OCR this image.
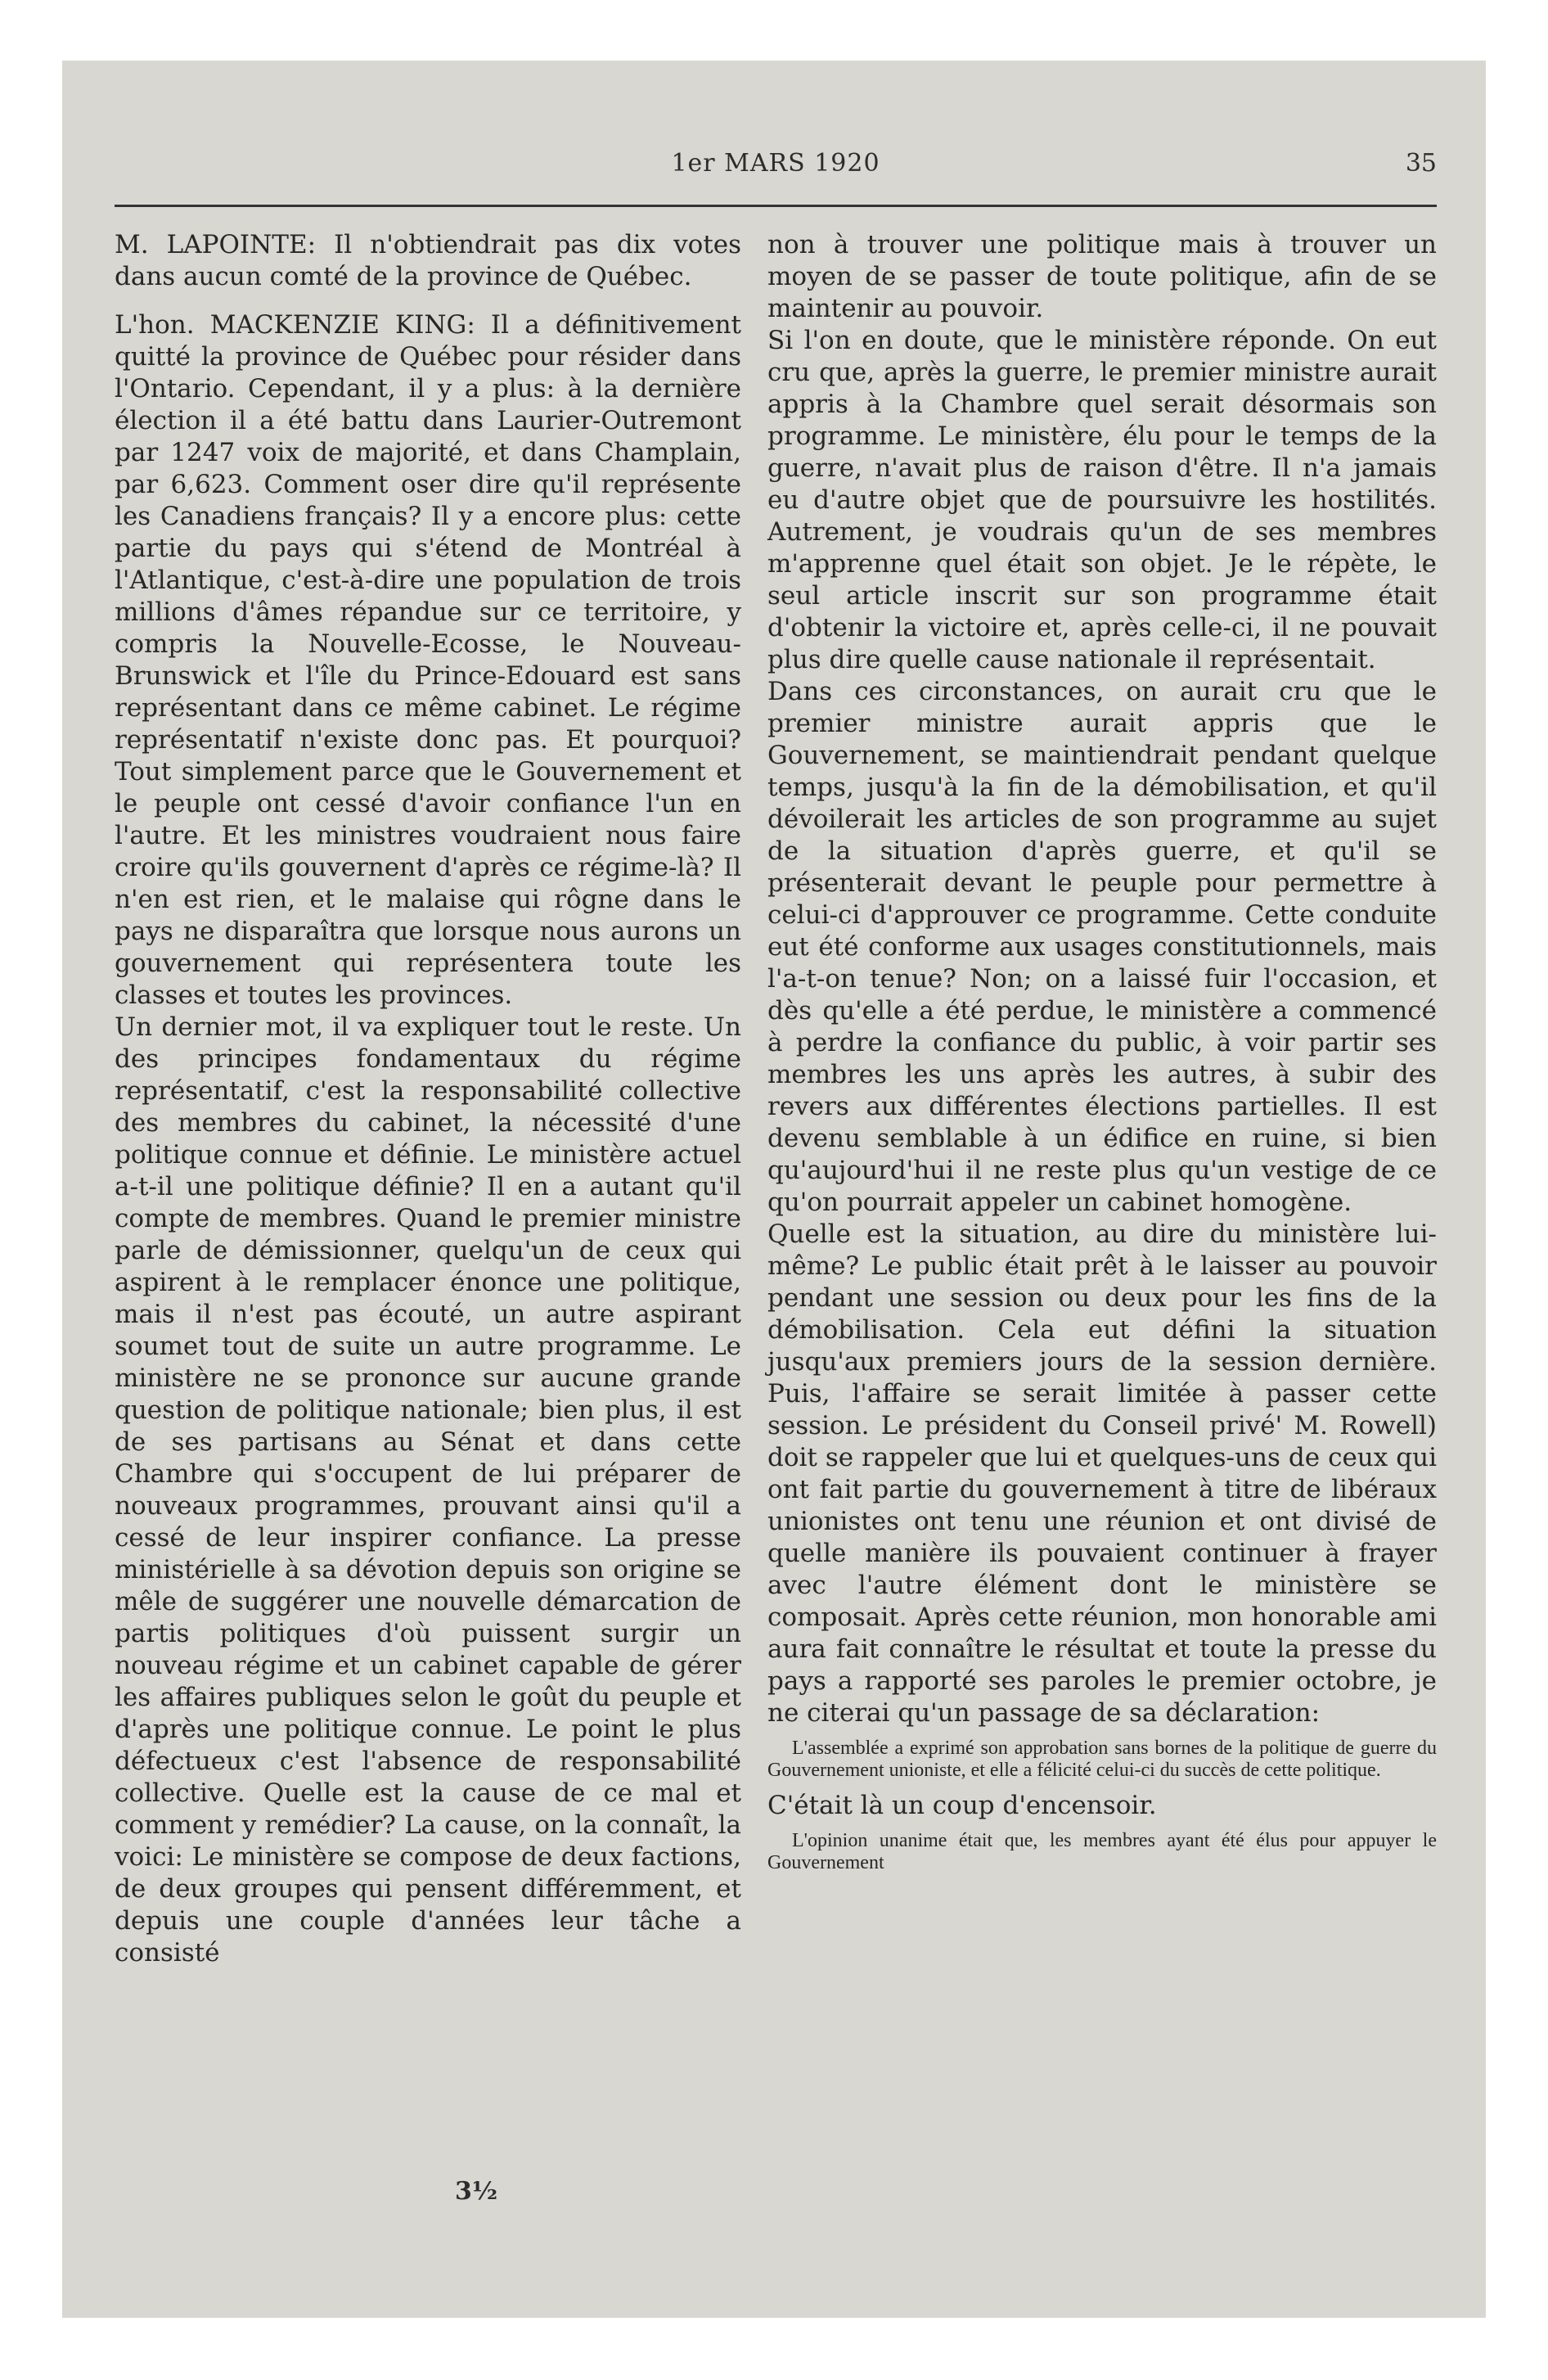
1er MARS 1920	35

M. LAPOINTE: Il n'obtiendrait pas dix votes dans aucun comté de la province de Québec.

L'hon. MACKENZIE KING: Il a définitivement quitté la province de Québec pour résider dans l'Ontario. Cependant, il y a plus: à la dernière élection il a été battu dans Laurier-Outremont par 1247 voix de majorité, et dans Champlain, par 6,623. Comment oser dire qu'il représente les Canadiens français? Il y a encore plus: cette partie du pays qui s'étend de Montréal à l'Atlantique, c'est-à-dire une population de trois millions d'âmes répandue sur ce territoire, y compris la Nouvelle-Ecosse, le Nouveau-Brunswick et l'île du Prince-Edouard est sans représentant dans ce même cabinet. Le régime représentatif n'existe donc pas. Et pourquoi? Tout simplement parce que le Gouvernement et le peuple ont cessé d'avoir confiance l'un en l'autre. Et les ministres voudraient nous faire croire qu'ils gouvernent d'après ce régime-là? Il n'en est rien, et le malaise qui rôgne dans le pays ne disparaîtra que lorsque nous aurons un gouvernement qui représentera toute les classes et toutes les provinces.

Un dernier mot, il va expliquer tout le reste. Un des principes fondamentaux du régime représentatif, c'est la responsabilité collective des membres du cabinet, la nécessité d'une politique connue et définie. Le ministère actuel a-t-il une politique définie? Il en a autant qu'il compte de membres. Quand le premier ministre parle de démissionner, quelqu'un de ceux qui aspirent à le remplacer énonce une politique, mais il n'est pas écouté, un autre aspirant soumet tout de suite un autre programme. Le ministère ne se prononce sur aucune grande question de politique nationale; bien plus, il est de ses partisans au Sénat et dans cette Chambre qui s'occupent de lui préparer de nouveaux programmes, prouvant ainsi qu'il a cessé de leur inspirer confiance. La presse ministérielle à sa dévotion depuis son origine se mêle de suggérer une nouvelle démarcation de partis politiques d'où puissent surgir un nouveau régime et un cabinet capable de gérer les affaires publiques selon le goût du peuple et d'après une politique connue. Le point le plus défectueux c'est l'absence de responsabilité collective. Quelle est la cause de ce mal et comment y remédier? La cause, on la connaît, la voici: Le ministère se compose de deux factions, de deux groupes qui pensent différemment, et depuis une couple d'années leur tâche a consisté

non à trouver une politique mais à trouver un moyen de se passer de toute politique, afin de se maintenir au pouvoir.

Si l'on en doute, que le ministère réponde. On eut cru que, après la guerre, le premier ministre aurait appris à la Chambre quel serait désormais son programme. Le ministère, élu pour le temps de la guerre, n'avait plus de raison d'être. Il n'a jamais eu d'autre objet que de poursuivre les hostilités. Autrement, je voudrais qu'un de ses membres m'apprenne quel était son objet. Je le répète, le seul article inscrit sur son programme était d'obtenir la victoire et, après celle-ci, il ne pouvait plus dire quelle cause nationale il représentait.

Dans ces circonstances, on aurait cru que le premier ministre aurait appris que le Gouvernement, se maintiendrait pendant quelque temps, jusqu'à la fin de la démobilisation, et qu'il dévoilerait les articles de son programme au sujet de la situation d'après guerre, et qu'il se présenterait devant le peuple pour permettre à celui-ci d'approuver ce programme. Cette conduite eut été conforme aux usages constitutionnels, mais l'a-t-on tenue? Non; on a laissé fuir l'occasion, et dès qu'elle a été perdue, le ministère a commencé à perdre la confiance du public, à voir partir ses membres les uns après les autres, à subir des revers aux différentes élections partielles. Il est devenu semblable à un édifice en ruine, si bien qu'aujourd'hui il ne reste plus qu'un vestige de ce qu'on pourrait appeler un cabinet homogène.

Quelle est la situation, au dire du ministère lui-même? Le public était prêt à le laisser au pouvoir pendant une session ou deux pour les fins de la démobilisation. Cela eut défini la situation jusqu'aux premiers jours de la session dernière. Puis, l'affaire se serait limitée à passer cette session. Le président du Conseil privé' M. Rowell) doit se rappeler que lui et quelques-uns de ceux qui ont fait partie du gouvernement à titre de libéraux unionistes ont tenu une réunion et ont divisé de quelle manière ils pouvaient continuer à frayer avec l'autre élément dont le ministère se composait. Après cette réunion, mon honorable ami aura fait connaître le résultat et toute la presse du pays a rapporté ses paroles le premier octobre, je ne citerai qu'un passage de sa déclaration:

L'assemblée a exprimé son approbation sans bornes de la politique de guerre du Gouvernement unioniste, et elle a félicité celui-ci du succès de cette politique.

C'était là un coup d'encensoir.

L'opinion unanime était que, les membres ayant été élus pour appuyer le Gouvernement
3½
